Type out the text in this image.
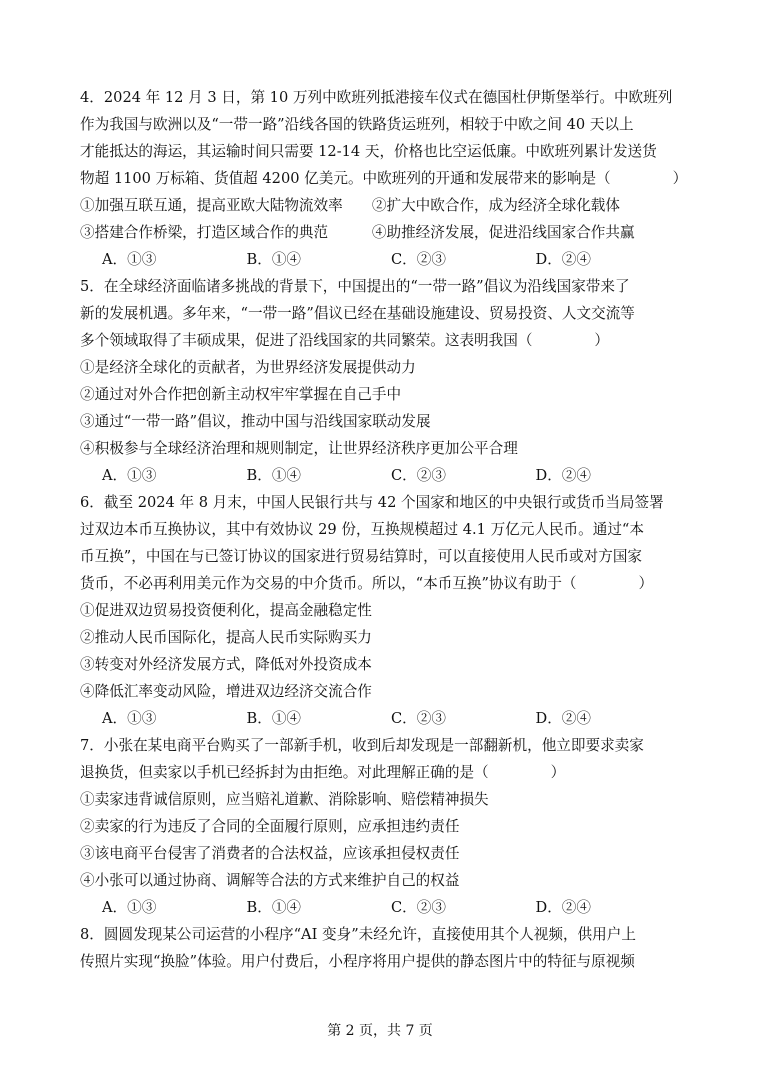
4．2024 年 12 月 3 日，第 10 万列中欧班列抵港接车仪式在德国杜伊斯堡举行。中欧班列
作为我国与欧洲以及“一带一路”沿线各国的铁路货运班列，相较于中欧之间 40 天以上
才能抵达的海运，其运输时间只需要 12-14 天，价格也比空运低廉。中欧班列累计发送货
物超 1100 万标箱、货值超 4200 亿美元。中欧班列的开通和发展带来的影响是（	）
①加强互联互通，提高亚欧大陆物流效率　　②扩大中欧合作，成为经济全球化载体
③搭建合作桥梁，打造区域合作的典范　　　④助推经济发展，促进沿线国家合作共赢
A．①③	B．①④	C．②③	D．②④
5．在全球经济面临诸多挑战的背景下，中国提出的“一带一路”倡议为沿线国家带来了
新的发展机遇。多年来，“一带一路”倡议已经在基础设施建设、贸易投资、人文交流等
多个领域取得了丰硕成果，促进了沿线国家的共同繁荣。这表明我国（	）
①是经济全球化的贡献者，为世界经济发展提供动力
②通过对外合作把创新主动权牢牢掌握在自己手中
③通过“一带一路”倡议，推动中国与沿线国家联动发展
④积极参与全球经济治理和规则制定，让世界经济秩序更加公平合理
A．①③	B．①④	C．②③	D．②④
6．截至 2024 年 8 月末，中国人民银行共与 42 个国家和地区的中央银行或货币当局签署
过双边本币互换协议，其中有效协议 29 份，互换规模超过 4.1 万亿元人民币。通过“本
币互换”，中国在与已签订协议的国家进行贸易结算时，可以直接使用人民币或对方国家
货币，不必再利用美元作为交易的中介货币。所以，“本币互换”协议有助于（	）
①促进双边贸易投资便利化，提高金融稳定性
②推动人民币国际化，提高人民币实际购买力
③转变对外经济发展方式，降低对外投资成本
④降低汇率变动风险，增进双边经济交流合作
A．①③	B．①④	C．②③	D．②④
7．小张在某电商平台购买了一部新手机，收到后却发现是一部翻新机，他立即要求卖家
退换货，但卖家以手机已经拆封为由拒绝。对此理解正确的是（	）
①卖家违背诚信原则，应当赔礼道歉、消除影响、赔偿精神损失
②卖家的行为违反了合同的全面履行原则，应承担违约责任
③该电商平台侵害了消费者的合法权益，应该承担侵权责任
④小张可以通过协商、调解等合法的方式来维护自己的权益
A．①③	B．①④	C．②③	D．②④
8．圆圆发现某公司运营的小程序“AI 变身”未经允许，直接使用其个人视频，供用户上
传照片实现“换脸”体验。用户付费后，小程序将用户提供的静态图片中的特征与原视频
第 2 页，共 7 页
